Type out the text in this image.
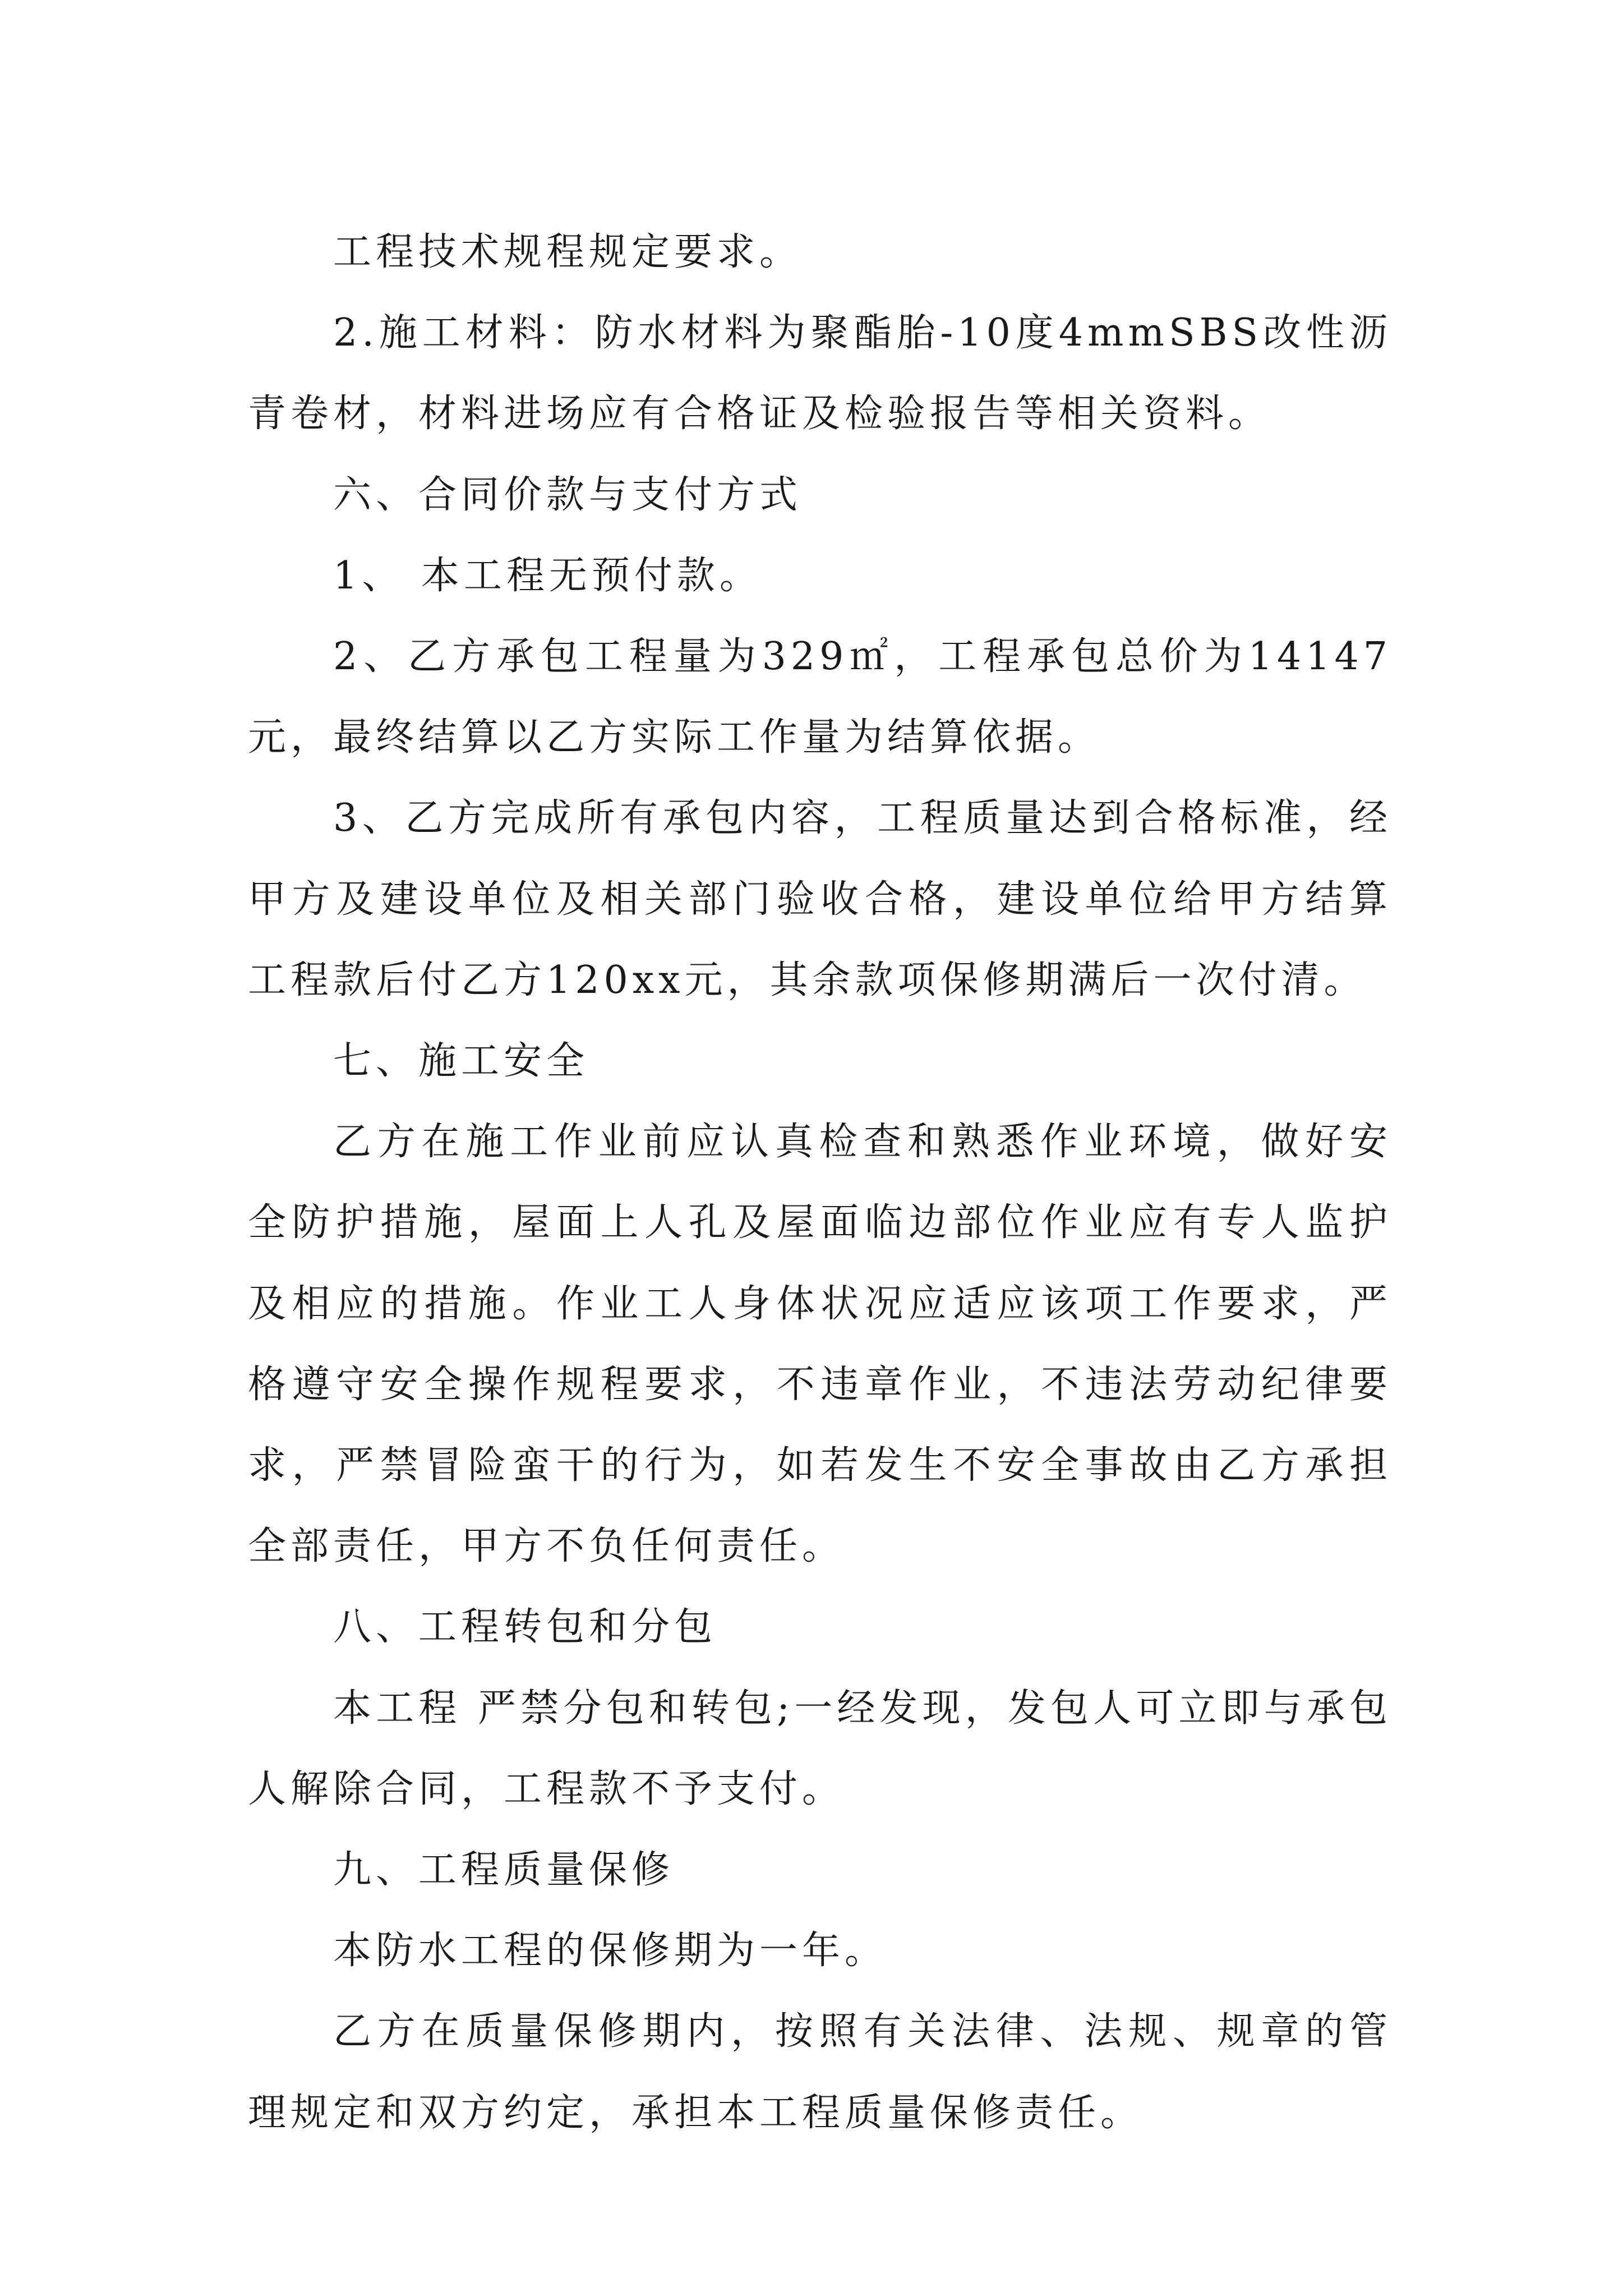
工程技术规程规定要求。

2.施工材料：防水材料为聚酯胎-10度4mmSBS改性沥青卷材，材料进场应有合格证及检验报告等相关资料。

六、合同价款与支付方式

1、 本工程无预付款。

2、乙方承包工程量为329㎡，工程承包总价为14147元，最终结算以乙方实际工作量为结算依据。

3、乙方完成所有承包内容，工程质量达到合格标准，经甲方及建设单位及相关部门验收合格，建设单位给甲方结算工程款后付乙方120xx元，其余款项保修期满后一次付清。

七、施工安全

乙方在施工作业前应认真检查和熟悉作业环境，做好安全防护措施，屋面上人孔及屋面临边部位作业应有专人监护及相应的措施。作业工人身体状况应适应该项工作要求，严格遵守安全操作规程要求，不违章作业，不违法劳动纪律要求，严禁冒险蛮干的行为，如若发生不安全事故由乙方承担全部责任，甲方不负任何责任。

八、工程转包和分包

本工程 严禁分包和转包;一经发现，发包人可立即与承包人解除合同，工程款不予支付。

九、工程质量保修

本防水工程的保修期为一年。

乙方在质量保修期内，按照有关法律、法规、规章的管理规定和双方约定，承担本工程质量保修责任。
